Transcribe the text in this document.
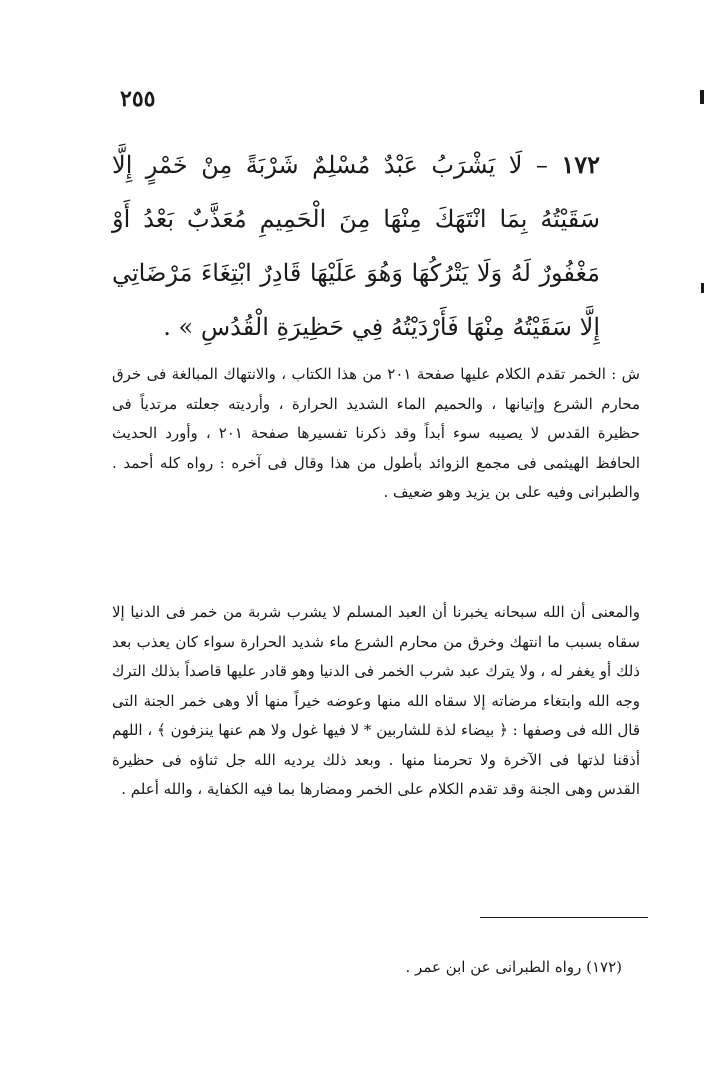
٢٥٥

١٧٢ – لَا يَشْرَبُ عَبْدٌ مُسْلِمٌ شَرْبَةً مِنْ خَمْرٍ إِلَّا سَقَيْتُهُ بِمَا انْتَهَكَ مِنْهَا مِنَ الْحَمِيمِ مُعَذَّبٌ بَعْدُ أَوْ مَغْفُورٌ لَهُ وَلَا يَتْرُكُهَا وَهُوَ عَلَيْهَا قَادِرٌ ابْتِغَاءَ مَرْضَاتِي إِلَّا سَقَيْتُهُ مِنْهَا فَأَرْدَيْتُهُ فِي حَظِيرَةِ الْقُدُسِ » .

ش : الخمر تقدم الكلام عليها صفحة ٢٠١ من هذا الكتاب ، والانتهاك المبالغة فى خرق محارم الشرع وإتيانها ، والحميم الماء الشديد الحرارة ، وأرديته جعلته مرتدياً فى حظيرة القدس لا يصيبه سوء أبداً وقد ذكرنا تفسيرها صفحة ٢٠١ ، وأورد الحديث الحافظ الهيثمى فى مجمع الزوائد بأطول من هذا وقال فى آخره : رواه كله أحمد . والطبرانى وفيه على بن يزيد وهو ضعيف .

والمعنى أن الله سبحانه يخبرنا أن العبد المسلم لا يشرب شربة من خمر فى الدنيا إلا سقاه بسبب ما انتهك وخرق من محارم الشرع ماء شديد الحرارة سواء كان يعذب بعد ذلك أو يغفر له ، ولا يترك عبد شرب الخمر فى الدنيا وهو قادر عليها قاصداً بذلك الترك وجه الله وابتغاء مرضاته إلا سقاه الله منها وعوضه خيراً منها ألا وهى خمر الجنة التى قال الله فى وصفها : ﴿ بيضاء لذة للشاربين * لا فيها غول ولا هم عنها ينزفون ﴾ ، اللهم أذقنا لذتها فى الآخرة ولا تحرمنا منها . وبعد ذلك يرديه الله جل ثناؤه فى حظيرة القدس وهى الجنة وقد تقدم الكلام على الخمر ومضارها بما فيه الكفاية ، والله أعلم .

(١٧٢) رواه الطبرانى عن ابن عمر .
